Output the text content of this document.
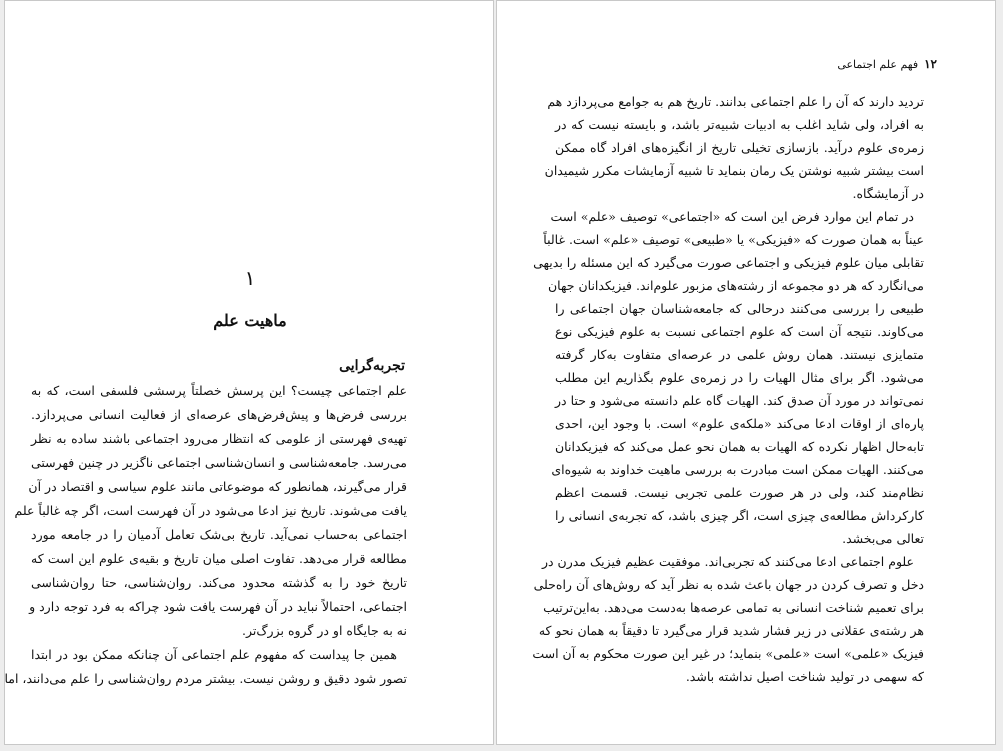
۱
ماهیت علم
تجربه‌گرایی
علم اجتماعی چیست؟ این پرسش خصلتاً پرسشی فلسفی است، که به
بررسی فرض‌ها و پیش‌فرض‌های عرصه‌ای از فعالیت انسانی می‌پردازد.
تهیه‌ی فهرستی از علومی که انتظار می‌رود اجتماعی باشند ساده به نظر
می‌رسد. جامعه‌شناسی و انسان‌شناسی اجتماعی ناگزیر در چنین فهرستی
قرار می‌گیرند، همانطور که موضوعاتی مانند علوم سیاسی و اقتصاد در آن
یافت می‌شوند. تاریخ نیز ادعا می‌شود در آن فهرست است، اگر چه غالباً علم
اجتماعی به‌حساب نمی‌آید. تاریخ بی‌شک تعامل آدمیان را در جامعه مورد
مطالعه قرار می‌دهد. تفاوت اصلی میان تاریخ و بقیه‌ی علوم این است که
تاریخ خود را به گذشته محدود می‌کند. روان‌شناسی، حتا روان‌شناسی
اجتماعی، احتمالاً نباید در آن فهرست یافت شود چراکه به فرد توجه دارد و
نه به جایگاه او در گروه بزرگ‌تر.
همین جا پیداست که مفهوم علم اجتماعی آن چنانکه ممکن بود در ابتدا
تصور شود دقیق و روشن نیست. بیشتر مردم روان‌شناسی را علم می‌دانند، اما
۱۲فهم علم اجتماعی
تردید دارند که آن را علم اجتماعی بدانند. تاریخ هم به جوامع می‌پردازد هم
به افراد، ولی شاید اغلب به ادبیات شبیه‌تر باشد، و بایسته نیست که در
زمره‌ی علوم درآید. بازسازی تخیلی تاریخ از انگیزه‌های افراد گاه ممکن
است بیشتر شبیه نوشتن یک رمان بنماید تا شبیه آزمایشات مکرر شیمیدان
در آزمایشگاه.
در تمام این موارد فرض این است که «اجتماعی» توصیف «علم» است
عیناً به همان صورت که «فیزیکی» یا «طبیعی» توصیف «علم» است. غالباً
تقابلی میان علوم فیزیکی و اجتماعی صورت می‌گیرد که این مسئله را بدیهی
می‌انگارد که هر دو مجموعه از رشته‌های مزبور علوم‌اند. فیزیکدانان جهان
طبیعی را بررسی می‌کنند درحالی که جامعه‌شناسان جهان اجتماعی را
می‌کاوند. نتیجه آن است که علوم اجتماعی نسبت به علوم فیزیکی نوع
متمایزی نیستند. همان روش علمی در عرصه‌ای متفاوت به‌کار گرفته
می‌شود. اگر برای مثال الهیات را در زمره‌ی علوم بگذاریم این مطلب
نمی‌تواند در مورد آن صدق کند. الهیات گاه علم دانسته می‌شود و حتا در
پاره‌ای از اوقات ادعا می‌کند «ملکه‌ی علوم» است. با وجود این، احدی
تابه‌حال اظهار نکرده که الهیات به همان نحو عمل می‌کند که فیزیکدانان
می‌کنند. الهیات ممکن است مبادرت به بررسی ماهیت خداوند به شیوه‌ای
نظام‌مند کند، ولی در هر صورت علمی تجربی نیست. قسمت اعظم
کارکرداش مطالعه‌ی چیزی است، اگر چیزی باشد، که تجربه‌ی انسانی را
تعالی می‌بخشد.
علوم اجتماعی ادعا می‌کنند که تجربی‌اند. موفقیت عظیم فیزیک مدرن در
دخل و تصرف کردن در جهان باعث شده به نظر آید که روش‌های آن راه‌حلی
برای تعمیم شناخت انسانی به تمامی عرصه‌ها به‌دست می‌دهد. به‌این‌ترتیب
هر رشته‌ی عقلانی در زیر فشار شدید قرار می‌گیرد تا دقیقاً به همان نحو که
فیزیک «علمی» است «علمی» بنماید؛ در غیر این صورت محکوم به آن است
که سهمی در تولید شناخت اصیل نداشته باشد.
